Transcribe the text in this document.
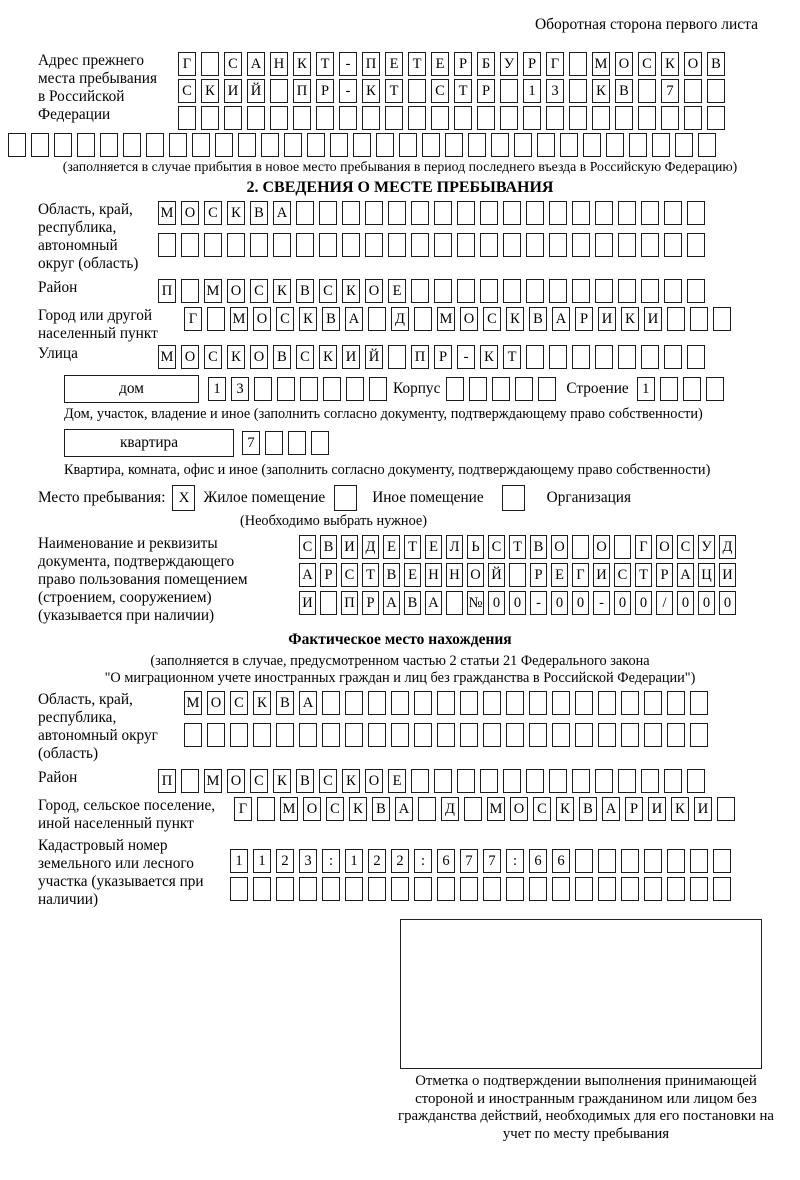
Оборотная сторона первого листа
Адрес прежнего места пребывания в Российской Федерации
Г	С А Н К Т	-	П Е Т Е	Р	Б У Р	Г	М О С К О В
С К И Й П Р	-	К Т	С Т	Р	1	3	К В	7
(заполняется в случае прибытия в новое место пребывания в период последнего въезда в Российскую Федерацию)
2. СВЕДЕНИЯ О МЕСТЕ ПРЕБЫВАНИЯ
Область, край, республика, автономный округ (область)
М О С К В А
Район	П М О С К В С К О Е
Город или другой населенный пункт
Г	М О С К В А Д М О С К В А Р И К И
Улица	М О С К О В С К И Й П Р	-	К Т
дом	1	3	Корпус	Строение 1
Дом, участок, владение и иное (заполнить согласно документу, подтверждающему право собственности)
квартира	7
Квартира, комната, офис и иное (заполнить согласно документу, подтверждающему право собственности)
Место пребывания: X Жилое помещение	Иное помещение	Организация
(Необходимо выбрать нужное)
Наименование и реквизиты документа, подтверждающего право пользования помещением (строением, сооружением) (указывается при наличии)
С В И Д Е Т Е Л Ь С Т В О О Г О С У Д
А Р С Т В Е Н Н О Й	Р Е Г И С Т Р А Ц И
И П Р А В А № 0 0	-	0 0	-	0 0	/	0 0 0
Фактическое место нахождения
(заполняется в случае, предусмотренном частью 2 статьи 21 Федерального закона
"О миграционном учете иностранных граждан и лиц без гражданства в Российской Федерации")
Область, край, республика, автономный округ (область)
М О С К В А
Район	П М О С К В С К О Е
Город, сельское поселение, иной населенный пункт
Г	М О С К В А Д М О С К В А Р И К И
Кадастровый номер земельного или лесного участка (указывается при наличии)
1	1	2	3	:	1	2	2	:	6	7	7	:	6	6
Отметка о подтверждении выполнения принимающей стороной и иностранным гражданином или лицом без гражданства действий, необходимых для его постановки на учет по месту пребывания
